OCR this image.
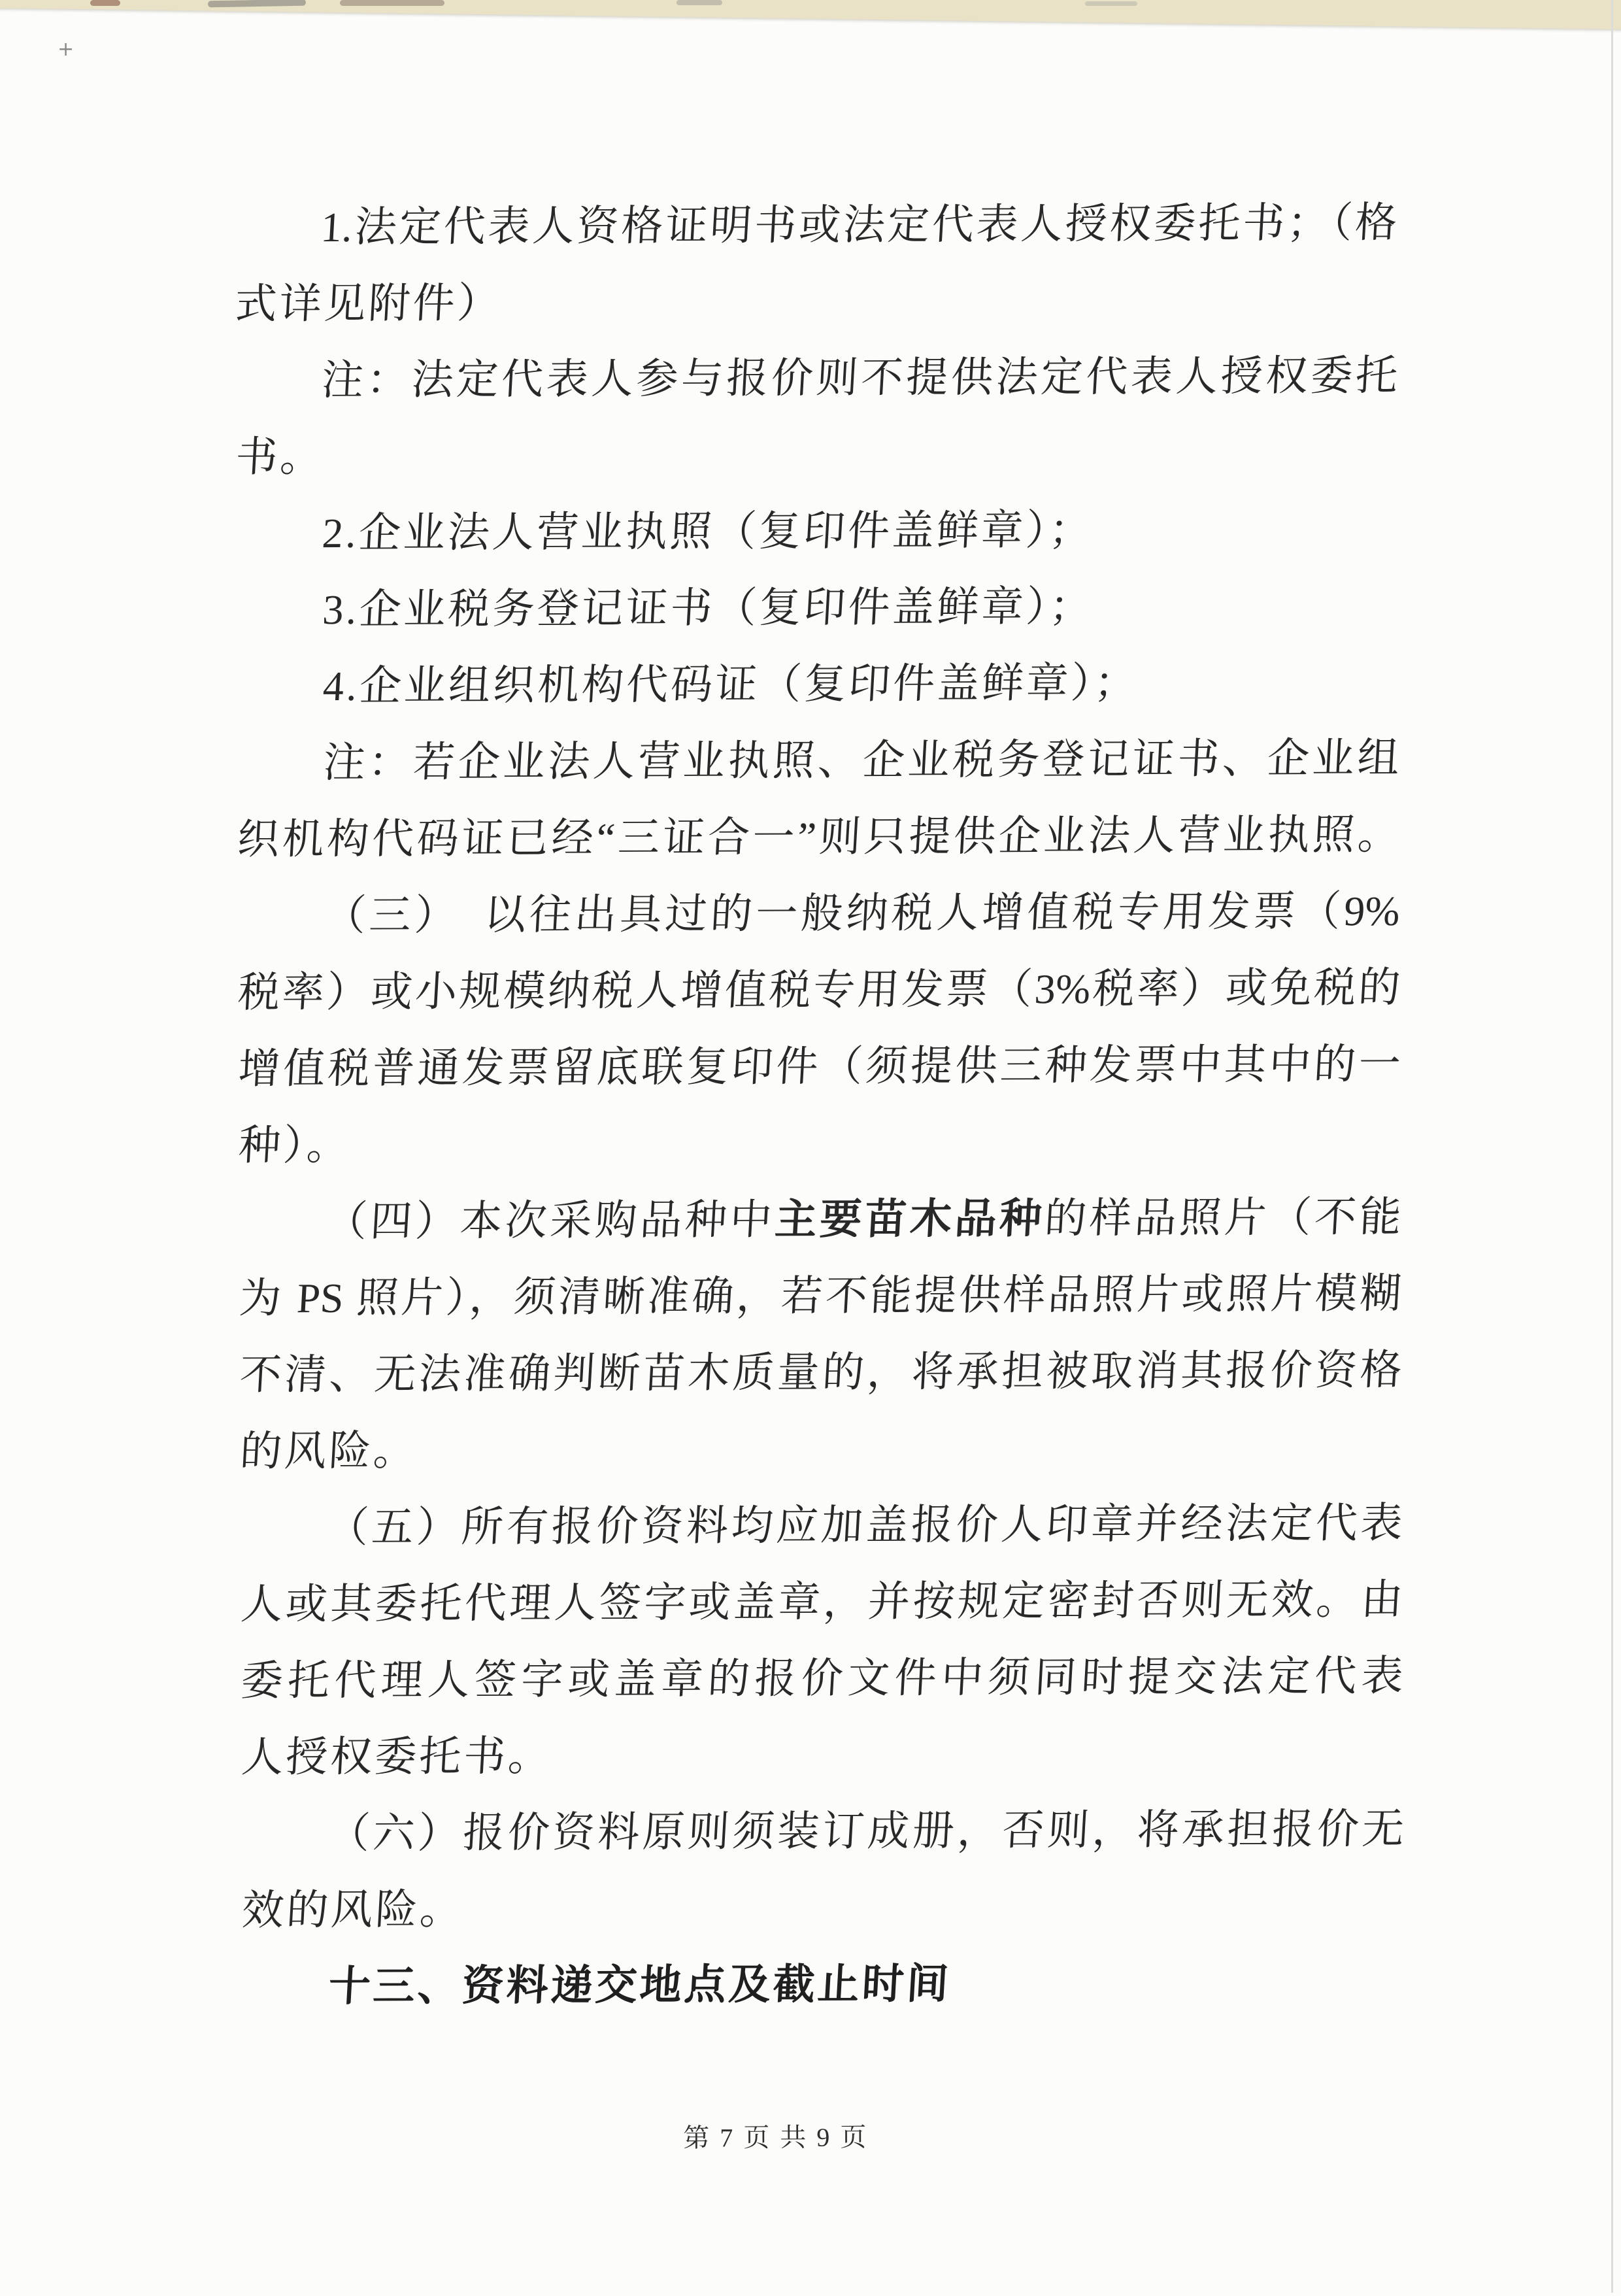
+
1.法定代表人资格证明书或法定代表人授权委托书；（格
式详见附件）
注：法定代表人参与报价则不提供法定代表人授权委托
书。
2.企业法人营业执照（复印件盖鲜章）；
3.企业税务登记证书（复印件盖鲜章）；
4.企业组织机构代码证（复印件盖鲜章）；
注：若企业法人营业执照、企业税务登记证书、企业组
织机构代码证已经“三证合一”则只提供企业法人营业执照。
（三）　以往出具过的一般纳税人增值税专用发票（9%
税率）或小规模纳税人增值税专用发票（3%税率）或免税的
增值税普通发票留底联复印件（须提供三种发票中其中的一
种）。
（四）本次采购品种中主要苗木品种的样品照片（不能
为 PS 照片），须清晰准确，若不能提供样品照片或照片模糊
不清、无法准确判断苗木质量的，将承担被取消其报价资格
的风险。
（五）所有报价资料均应加盖报价人印章并经法定代表
人或其委托代理人签字或盖章，并按规定密封否则无效。由
委托代理人签字或盖章的报价文件中须同时提交法定代表
人授权委托书。
（六）报价资料原则须装订成册，否则，将承担报价无
效的风险。
十三、资料递交地点及截止时间
第 7 页 共 9 页
